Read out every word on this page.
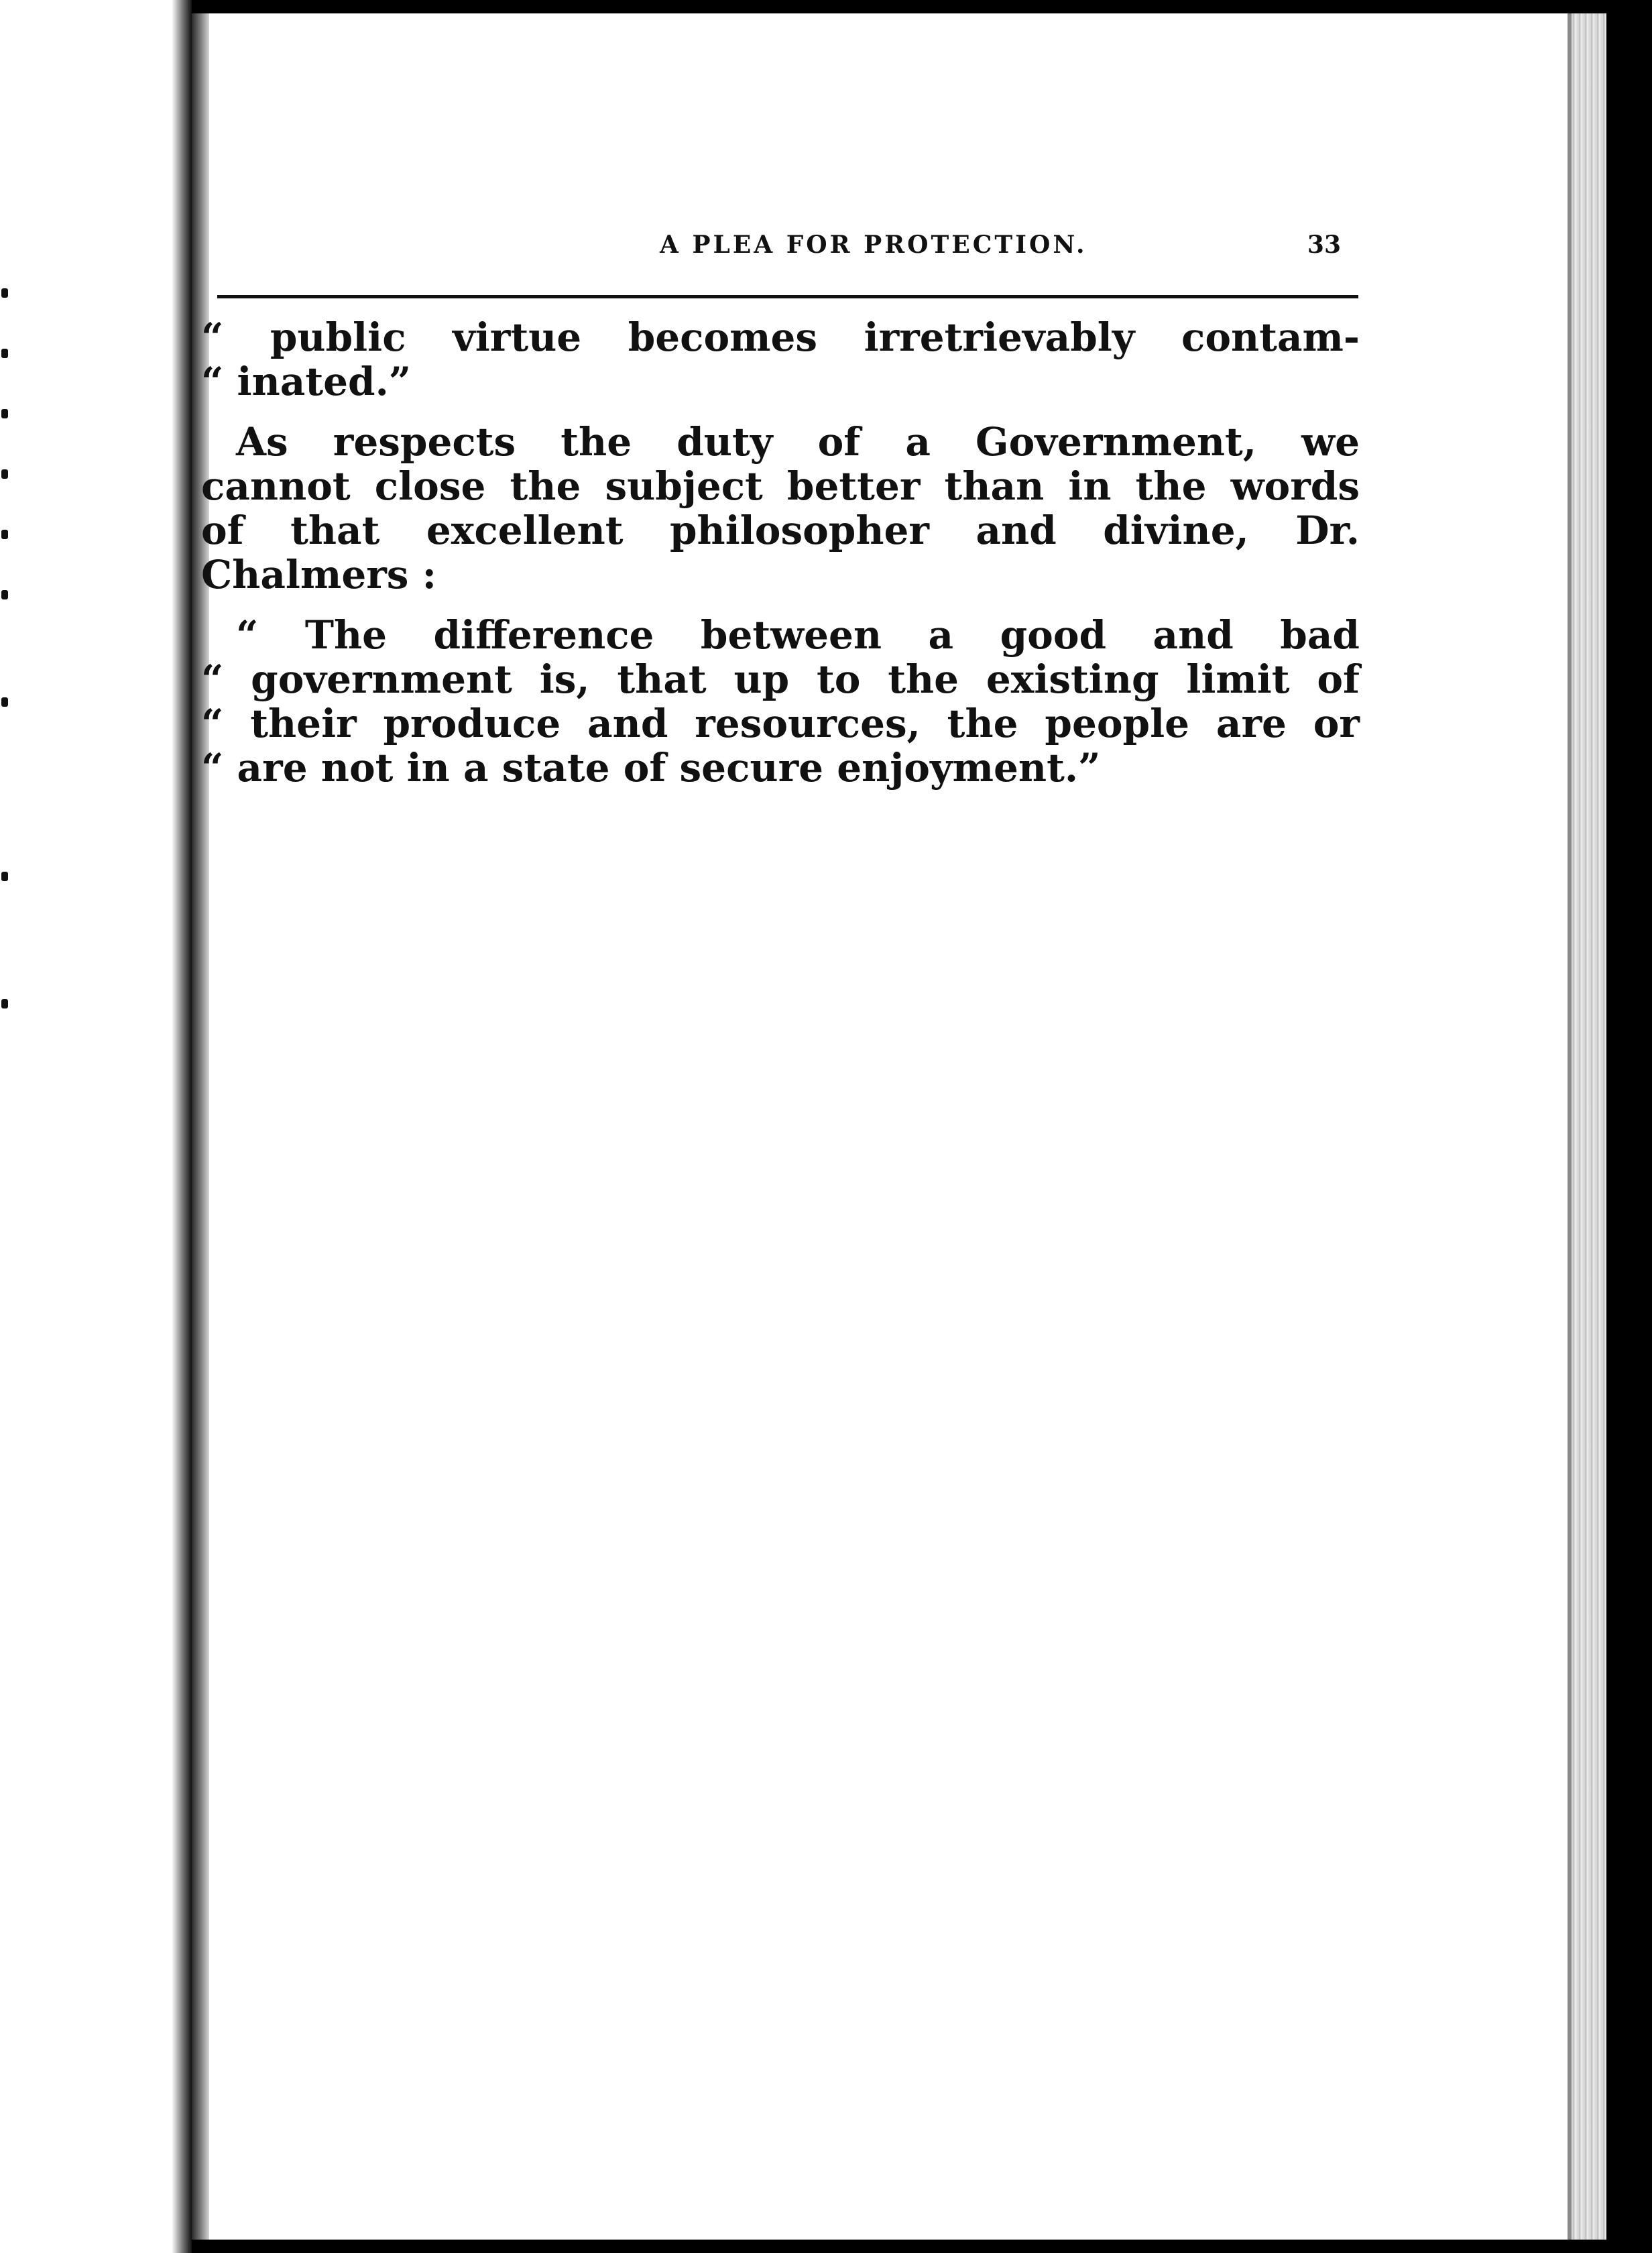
A PLEA FOR PROTECTION.	33
“ public virtue becomes irretrievably contam-
“ inated.”
As respects the duty of a Government, we
cannot close the subject better than in the words
of that excellent philosopher and divine, Dr.
Chalmers :
“ The difference between a good and bad
“ government is, that up to the existing limit of
“ their produce and resources, the people are or
“ are not in a state of secure enjoyment.”
